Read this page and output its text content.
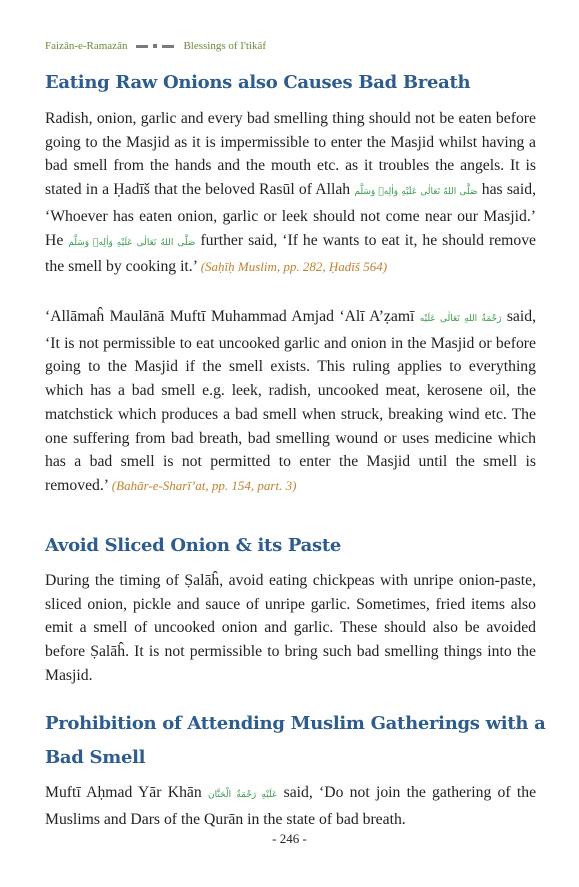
Faizān-e-Ramazān	Blessings of I'tikāf
Eating Raw Onions also Causes Bad Breath

Radish, onion, garlic and every bad smelling thing should not be eaten before going to the Masjid as it is impermissible to enter the Masjid whilst having a bad smell from the hands and the mouth etc. as it troubles the angels. It is stated in a Ḥadīš that the beloved Rasūl of Allah صَلَّى اللهُ تَعَالٰى عَلَيْهِ وَاٰلِهٖ وَسَلَّم has said, ‘Whoever has eaten onion, garlic or leek should not come near our Masjid.’ He صَلَّى اللهُ تَعَالٰى عَلَيْهِ وَاٰلِهٖ وَسَلَّم further said, ‘If he wants to eat it, he should remove the smell by cooking it.’ (Saḥīḥ Muslim, pp. 282, Ḥadīš 564)

‘Allāmaĥ Maulānā Muftī Muhammad Amjad ‘Alī A’ẓamī رَحْمَةُ اللهِ تَعَالٰى عَلَيْه said, ‘It is not permissible to eat uncooked garlic and onion in the Masjid or before going to the Masjid if the smell exists. This ruling applies to everything which has a bad smell e.g. leek, radish, uncooked meat, kerosene oil, the matchstick which produces a bad smell when struck, breaking wind etc. The one suffering from bad breath, bad smelling wound or uses medicine which has a bad smell is not permitted to enter the Masjid until the smell is removed.’ (Bahār-e-Sharī’at, pp. 154, part. 3)

Avoid Sliced Onion & its Paste

During the timing of Ṣalāĥ, avoid eating chickpeas with unripe onion-paste, sliced onion, pickle and sauce of unripe garlic. Sometimes, fried items also emit a smell of uncooked onion and garlic. These should also be avoided before Ṣalāĥ. It is not permissible to bring such bad smelling things into the Masjid.

Prohibition of Attending Muslim Gatherings with a
Bad Smell

Muftī Aḥmad Yār Khān عَلَيْهِ رَحْمَةُ الْحَنَّان said, ‘Do not join the gathering of the Muslims and Dars of the Qurān in the state of bad breath.

- 246 -
